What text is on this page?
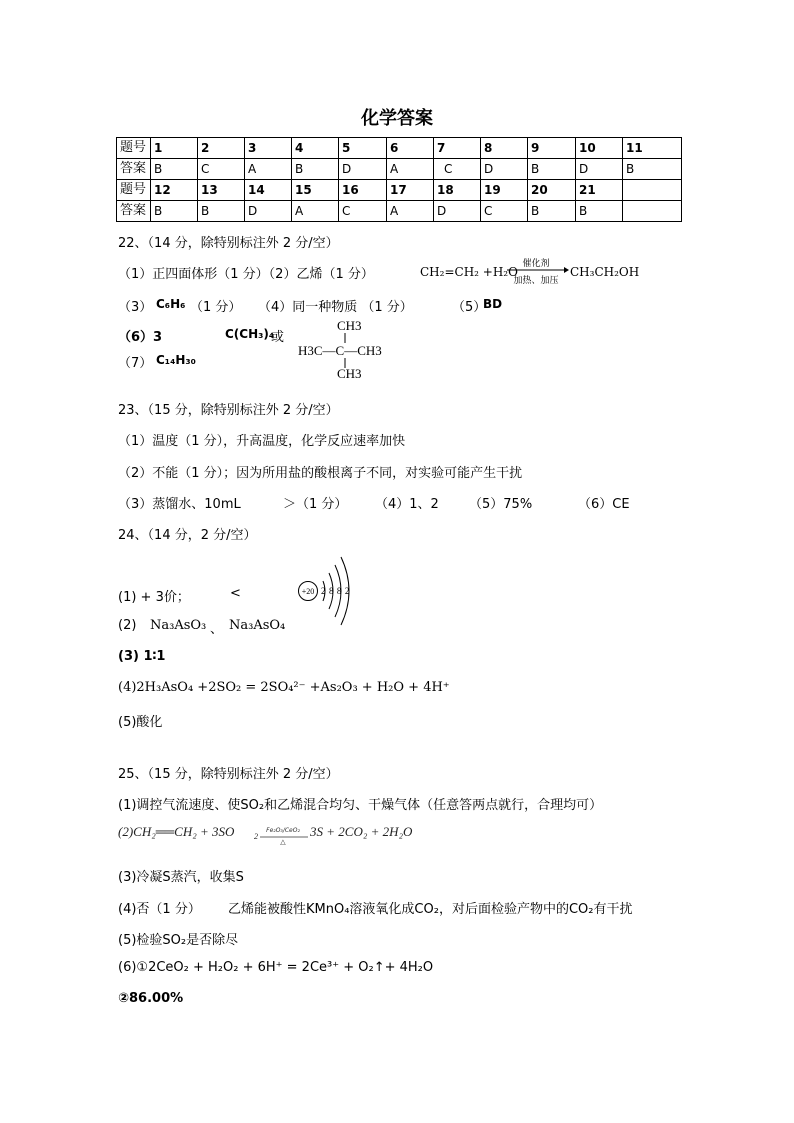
化学答案
题号	1	2	3	4	5	6	7	8	9	10	11
答案	B	C	A	B	D	A	C	D	B	D	B
题号	12	13	14	15	16	17	18	19	20	21	
答案	B	B	D	A	C	A	D	C	B	B	
22、（14 分，除特别标注外 2 分/空）
（1）正四面体形（1 分）（2）乙烯（1 分）	CH₂=CH₂ +H₂O
催化剂
加热、加压
CH₃CH₂OH
（3） C₆H₆ （1 分） （4）同一种物质 （1 分）	（5）
BD
（6）3	C(CH₃)₄
或
CH3
H3C—C—CH3
CH3
（7） C₁₄H₃₀
23、（15 分，除特别标注外 2 分/空）
（1）温度（1 分），升高温度，化学反应速率加快
（2）不能（1 分）；因为所用盐的酸根离子不同，对实验可能产生干扰
（3）蒸馏水、10mL	＞（1 分） （4）1、2 （5）75%	（6）CE
24、（14 分，2 分/空）
(1) + 3价；	<	+20 2 8 8 2
(2) Na₃AsO₃ 、 Na₃AsO₄
(3) 1∶1
(4)2H₃AsO₄ +2SO₂ = 2SO₄²⁻ +As₂O₃ + H₂O + 4H⁺
(5)酸化
25、（15 分，除特别标注外 2 分/空）
(1)调控气流速度、使SO₂和乙烯混合均匀、干燥气体（任意答两点就行，合理均可）
(2)CH₂══CH₂ + 3SO 2
Fe₂O₃/CeO₂
△
3S + 2CO₂ + 2H₂O
(3)冷凝S蒸汽，收集S
(4)否（1 分） 乙烯能被酸性KMnO₄溶液氧化成CO₂，对后面检验产物中的CO₂有干扰
(5)检验SO₂是否除尽
(6)①2CeO₂ + H₂O₂ + 6H⁺ = 2Ce³⁺ + O₂↑+ 4H₂O
②86.00%
